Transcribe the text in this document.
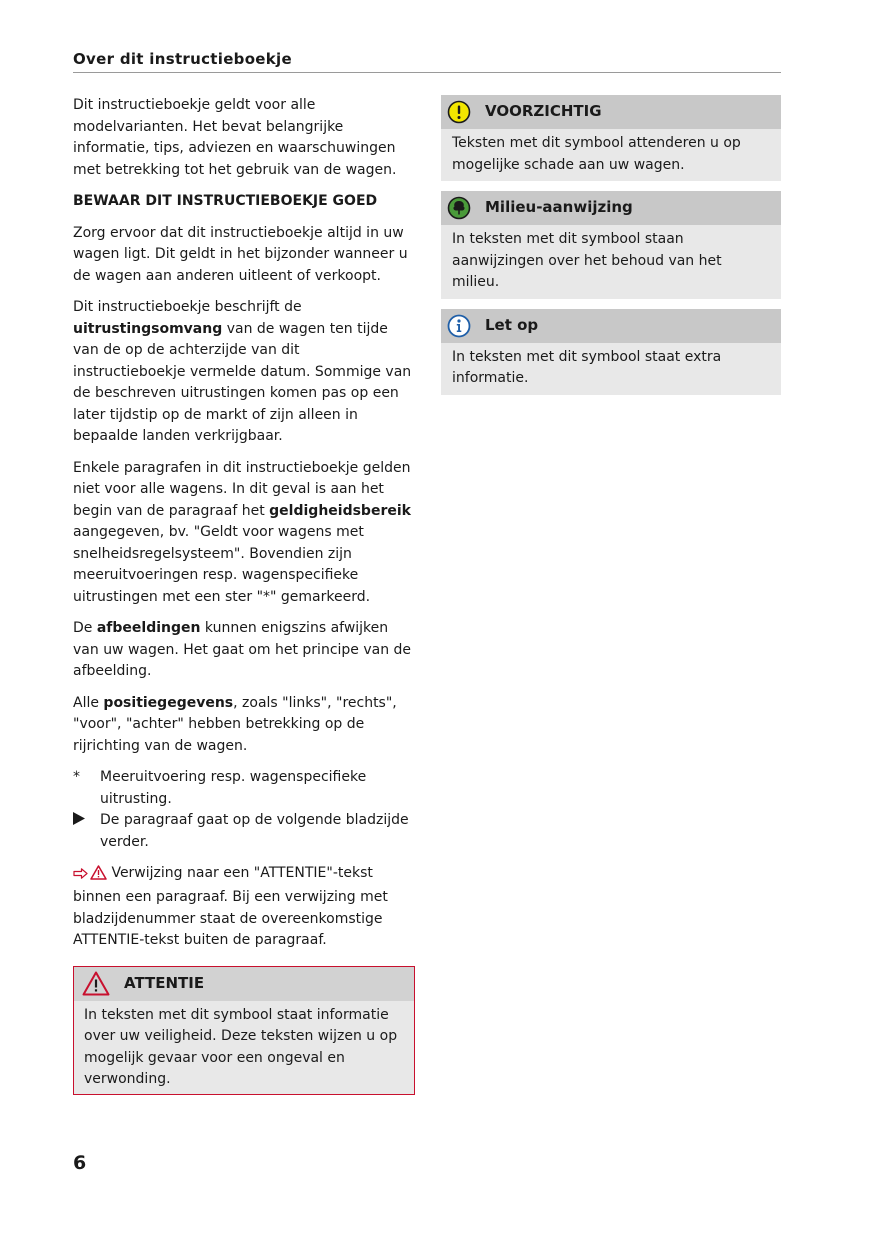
Over dit instructieboekje

Dit instructieboekje geldt voor alle modelvarianten. Het bevat belangrijke informatie, tips, adviezen en waarschuwingen met betrekking tot het gebruik van de wagen.

BEWAAR DIT INSTRUCTIEBOEKJE GOED

Zorg ervoor dat dit instructieboekje altijd in uw wagen ligt. Dit geldt in het bijzonder wanneer u de wagen aan anderen uitleent of verkoopt.

Dit instructieboekje beschrijft de uitrustingsomvang van de wagen ten tijde van de op de achterzijde van dit instructieboekje vermelde datum. Sommige van de beschreven uitrustingen komen pas op een later tijdstip op de markt of zijn alleen in bepaalde landen verkrijgbaar.

Enkele paragrafen in dit instructieboekje gelden niet voor alle wagens. In dit geval is aan het begin van de paragraaf het geldigheidsbereik aangegeven, bv. "Geldt voor wagens met snelheidsregelsysteem". Bovendien zijn meeruitvoeringen resp. wagenspecifieke uitrustingen met een ster "*" gemarkeerd.

De afbeeldingen kunnen enigszins afwijken van uw wagen. Het gaat om het principe van de afbeelding.

Alle positiegegevens, zoals "links", "rechts", "voor", "achter" hebben betrekking op de rijrichting van de wagen.

*	Meeruitvoering resp. wagenspecifieke uitrusting.
De paragraaf gaat op de volgende bladzijde verder.

Verwijzing naar een "ATTENTIE"-tekst binnen een paragraaf. Bij een verwijzing met bladzijdenummer staat de overeenkomstige ATTENTIE-tekst buiten de paragraaf.

ATTENTIE
In teksten met dit symbool staat informatie over uw veiligheid. Deze teksten wijzen u op mogelijk gevaar voor een ongeval en verwonding.
VOORZICHTIG
Teksten met dit symbool attenderen u op mogelijke schade aan uw wagen.
Milieu-aanwijzing
In teksten met dit symbool staan aanwijzingen over het behoud van het milieu.
Let op
In teksten met dit symbool staat extra informatie.
6
